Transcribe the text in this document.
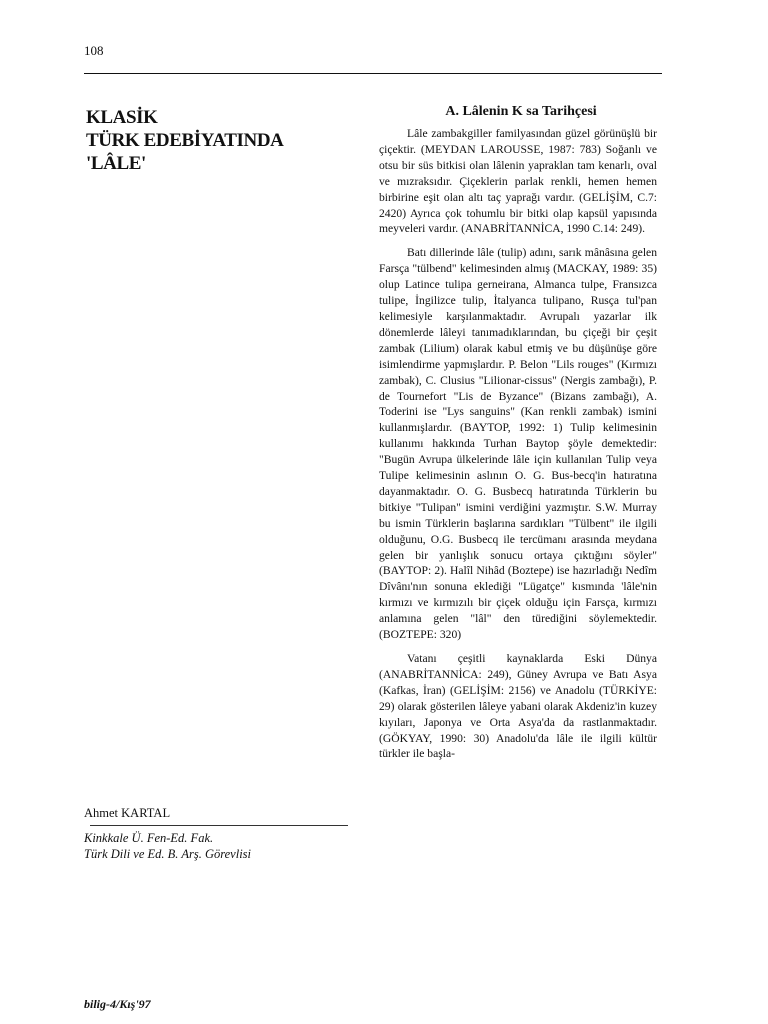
108
KLASİK
TÜRK EDEBİYATINDA
'LÂLE'
A. Lâlenin K sa Tarihçesi

Lâle zambakgiller familyasından güzel görünüşlü bir çiçektir. (MEYDAN LAROUSSE, 1987: 783) Soğanlı ve otsu bir süs bitkisi olan lâlenin yapraklan tam kenarlı, oval ve mızraksıdır. Çiçeklerin parlak renkli, hemen hemen birbirine eşit olan altı taç yaprağı vardır. (GELİŞİM, C.7: 2420) Ayrıca çok tohumlu bir bitki olap kapsül yapısında meyveleri vardır. (ANABRİTANNİCA, 1990 C.14: 249).

Batı dillerinde lâle (tulip) adını, sarık mânâsına gelen Farsça "tülbend" kelimesinden almış (MACKAY, 1989: 35) olup Latince tulipa gerneirana, Almanca tulpe, Fransızca tulipe, İngilizce tulip, İtalyanca tulipano, Rusça tul'pan kelimesiyle karşılanmaktadır. Avrupalı yazarlar ilk dönemlerde lâleyi tanımadıklarından, bu çiçeği bir çeşit zambak (Lilium) olarak kabul etmiş ve bu düşünüşe göre isimlendirme yapmışlardır. P. Belon "Lils rouges" (Kırmızı zambak), C. Clusius "Lilionar-cissus" (Nergis zambağı), P. de Tournefort "Lis de Byzance" (Bizans zambağı), A. Toderini ise "Lys sanguins" (Kan renkli zambak) ismini kullanmışlardır. (BAYTOP, 1992: 1) Tulip kelimesinin kullanımı hakkında Turhan Baytop şöyle demektedir: "Bugün Avrupa ülkelerinde lâle için kullanılan Tulip veya Tulipe kelimesinin aslının O. G. Bus-becq'in hatıratına dayanmaktadır. O. G. Busbecq hatıratında Türklerin bu bitkiye "Tulipan" ismini verdiğini yazmıştır. S.W. Murray bu ismin Türklerin başlarına sardıkları "Tülbent" ile ilgili olduğunu, O.G. Busbecq ile tercümanı arasında meydana gelen bir yanlışlık sonucu ortaya çıktığını söyler" (BAYTOP: 2). Halîl Nihâd (Boztepe) ise hazırladığı Nedîm Dîvânı'nın sonuna eklediği "Lügatçe" kısmında 'lâle'nin kırmızı ve kırmızılı bir çiçek olduğu için Farsça, kırmızı anlamına gelen "lâl" den türediğini söylemektedir. (BOZTEPE: 320)

Vatanı çeşitli kaynaklarda Eski Dünya (ANABRİTANNİCA: 249), Güney Avrupa ve Batı Asya (Kafkas, İran) (GELİŞİM: 2156) ve Anadolu (TÜRKİYE: 29) olarak gösterilen lâleye yabani olarak Akdeniz'in kuzey kıyıları, Japonya ve Orta Asya'da da rastlanmaktadır. (GÖKYAY, 1990: 30) Anadolu'da lâle ile ilgili kültür türkler ile başla-

Ahmet KARTAL
Kinkkale Ü. Fen-Ed. Fak.
Türk Dili ve Ed. B. Arş. Görevlisi
bilig-4/Kış'97
